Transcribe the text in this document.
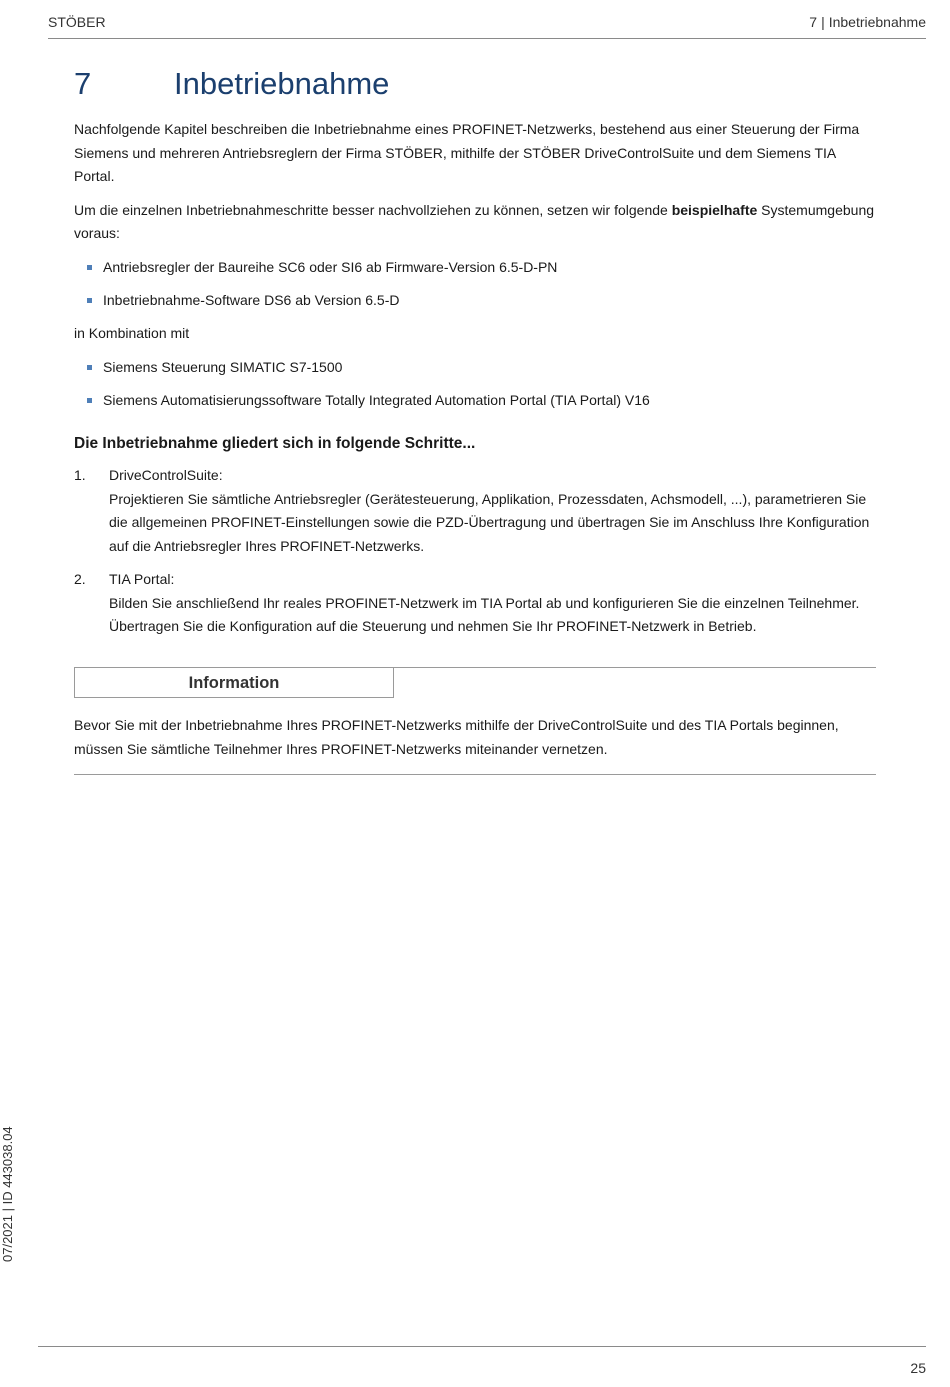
STÖBER	7 | Inbetriebnahme
7	Inbetriebnahme

Nachfolgende Kapitel beschreiben die Inbetriebnahme eines PROFINET-Netzwerks, bestehend aus einer Steuerung der Firma Siemens und mehreren Antriebsreglern der Firma STÖBER, mithilfe der STÖBER DriveControlSuite und dem Siemens TIA Portal.

Um die einzelnen Inbetriebnahmeschritte besser nachvollziehen zu können, setzen wir folgende beispielhafte Systemumgebung voraus:

Antriebsregler der Baureihe SC6 oder SI6 ab Firmware-Version 6.5-D-PN
Inbetriebnahme-Software DS6 ab Version 6.5-D

in Kombination mit

Siemens Steuerung SIMATIC S7-1500
Siemens Automatisierungssoftware Totally Integrated Automation Portal (TIA Portal) V16
Die Inbetriebnahme gliedert sich in folgende Schritte...
1. DriveControlSuite:
Projektieren Sie sämtliche Antriebsregler (Gerätesteuerung, Applikation, Prozessdaten, Achsmodell, ...), parametrieren Sie die allgemeinen PROFINET-Einstellungen sowie die PZD-Übertragung und übertragen Sie im Anschluss Ihre Konfiguration auf die Antriebsregler Ihres PROFINET-Netzwerks.
2. TIA Portal:
Bilden Sie anschließend Ihr reales PROFINET-Netzwerk im TIA Portal ab und konfigurieren Sie die einzelnen Teilnehmer. Übertragen Sie die Konfiguration auf die Steuerung und nehmen Sie Ihr PROFINET-Netzwerk in Betrieb.
Information
Bevor Sie mit der Inbetriebnahme Ihres PROFINET-Netzwerks mithilfe der DriveControlSuite und des TIA Portals beginnen, müssen Sie sämtliche Teilnehmer Ihres PROFINET-Netzwerks miteinander vernetzen.
07/2021 | ID 443038.04
25
